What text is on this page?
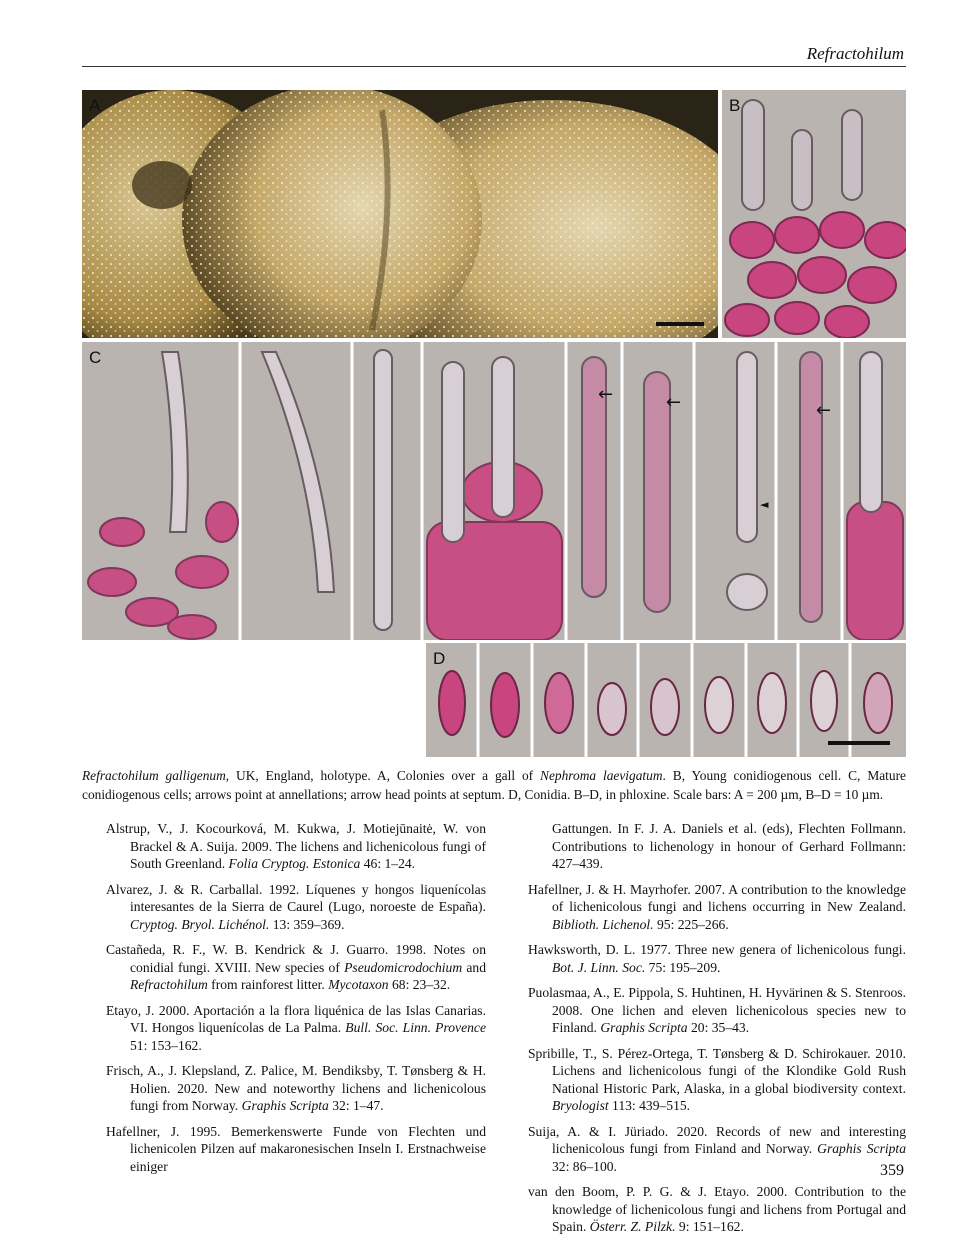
Refractohilum
A	B
C
←	←
◄
←
D
Refractohilum galligenum, UK, England, holotype. A, Colonies over a gall of Nephroma laevigatum. B, Young conidiogenous cell. C, Mature conidiogenous cells; arrows point at annellations; arrow head points at septum. D, Conidia. B–D, in phloxine. Scale bars: A = 200 µm, B–D = 10 µm.
Alstrup, V., J. Kocourková, M. Kukwa, J. Motiejūnaitė, W. von Brackel & A. Suija. 2009. The lichens and lichenicolous fungi of South Greenland. Folia Cryptog. Estonica 46: 1–24.
Alvarez, J. & R. Carballal. 1992. Líquenes y hongos liquenícolas interesantes de la Sierra de Caurel (Lugo, noroeste de España). Cryptog. Bryol. Lichénol. 13: 359–369.
Castañeda, R. F., W. B. Kendrick & J. Guarro. 1998. Notes on conidial fungi. XVIII. New species of Pseudomicrodochium and Refractohilum from rainforest litter. Mycotaxon 68: 23–32.
Etayo, J. 2000. Aportación a la flora liquénica de las Islas Canarias. VI. Hongos liquenícolas de La Palma. Bull. Soc. Linn. Provence 51: 153–162.
Frisch, A., J. Klepsland, Z. Palice, M. Bendiksby, T. Tønsberg & H. Holien. 2020. New and noteworthy lichens and lichenicolous fungi from Norway. Graphis Scripta 32: 1–47.
Hafellner, J. 1995. Bemerkenswerte Funde von Flechten und lichenicolen Pilzen auf makaronesischen Inseln I. Erstnachweise einiger
Gattungen. In F. J. A. Daniels et al. (eds), Flechten Follmann. Contributions to lichenology in honour of Gerhard Follmann: 427–439.
Hafellner, J. & H. Mayrhofer. 2007. A contribution to the knowledge of lichenicolous fungi and lichens occurring in New Zealand. Biblioth. Lichenol. 95: 225–266.
Hawksworth, D. L. 1977. Three new genera of lichenicolous fungi. Bot. J. Linn. Soc. 75: 195–209.
Puolasmaa, A., E. Pippola, S. Huhtinen, H. Hyvärinen & S. Stenroos. 2008. One lichen and eleven lichenicolous species new to Finland. Graphis Scripta 20: 35–43.
Spribille, T., S. Pérez-Ortega, T. Tønsberg & D. Schirokauer. 2010. Lichens and lichenicolous fungi of the Klondike Gold Rush National Historic Park, Alaska, in a global biodiversity context. Bryologist 113: 439–515.
Suija, A. & I. Jüriado. 2020. Records of new and interesting lichenicolous fungi from Finland and Norway. Graphis Scripta 32: 86–100.
van den Boom, P. P. G. & J. Etayo. 2000. Contribution to the knowledge of lichenicolous fungi and lichens from Portugal and Spain. Österr. Z. Pilzk. 9: 151–162.
359
